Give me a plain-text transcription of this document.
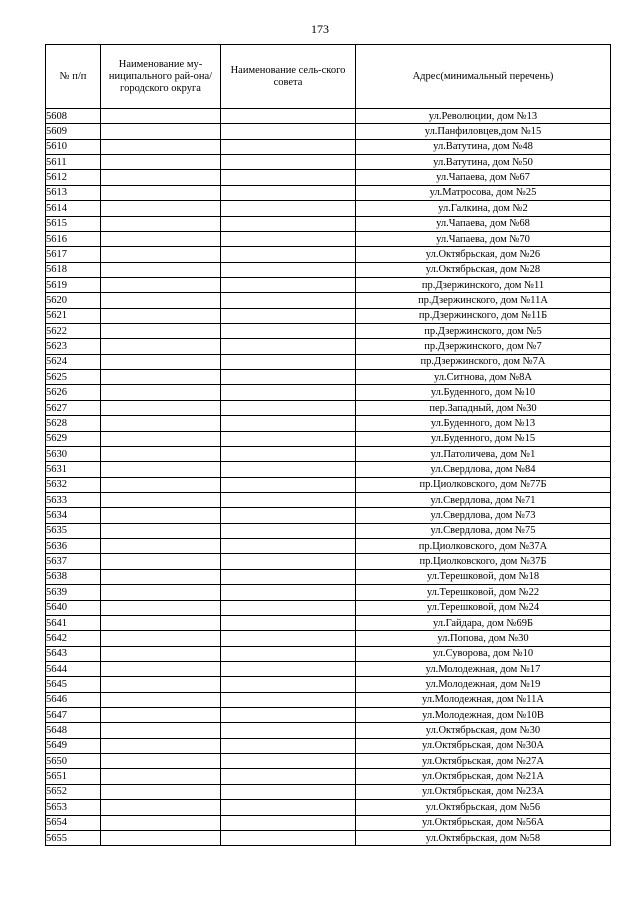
173
№ п/п	Наименование му-ниципального рай-она/ городского округа	Наименование сель-ского совета	Адрес(минимальный перечень)
5608			ул.Революции, дом №13
5609			ул.Панфиловцев,дом №15
5610			ул.Ватутина, дом №48
5611			ул.Ватутина, дом №50
5612			ул.Чапаева, дом №67
5613			ул.Матросова, дом №25
5614			ул.Галкина, дом №2
5615			ул.Чапаева, дом №68
5616			ул.Чапаева, дом №70
5617			ул.Октябрьская, дом №26
5618			ул.Октябрьская, дом №28
5619			пр.Дзержинского, дом №11
5620			пр.Дзержинского, дом №11А
5621			пр.Дзержинского, дом №11Б
5622			пр.Дзержинского, дом №5
5623			пр.Дзержинского, дом №7
5624			пр.Дзержинского, дом №7А
5625			ул.Ситнова, дом №8А
5626			ул.Буденного, дом №10
5627			пер.Западный, дом №30
5628			ул.Буденного, дом №13
5629			ул.Буденного, дом №15
5630			ул.Патоличева, дом №1
5631			ул.Свердлова, дом №84
5632			пр.Циолковского, дом №77Б
5633			ул.Свердлова, дом №71
5634			ул.Свердлова, дом №73
5635			ул.Свердлова, дом №75
5636			пр.Циолковского, дом №37А
5637			пр.Циолковского, дом №37Б
5638			ул.Терешковой, дом №18
5639			ул.Терешковой, дом №22
5640			ул.Терешковой, дом №24
5641			ул.Гайдара, дом №69Б
5642			ул.Попова, дом №30
5643			ул.Суворова, дом №10
5644			ул.Молодежная, дом №17
5645			ул.Молодежная, дом №19
5646			ул.Молодежная, дом №11А
5647			ул.Молодежная, дом №10В
5648			ул.Октябрьская, дом №30
5649			ул.Октябрьская, дом №30А
5650			ул.Октябрьская, дом №27А
5651			ул.Октябрьская, дом №21А
5652			ул.Октябрьская, дом №23А
5653			ул.Октябрьская, дом №56
5654			ул.Октябрьская, дом №56А
5655			ул.Октябрьская, дом №58
